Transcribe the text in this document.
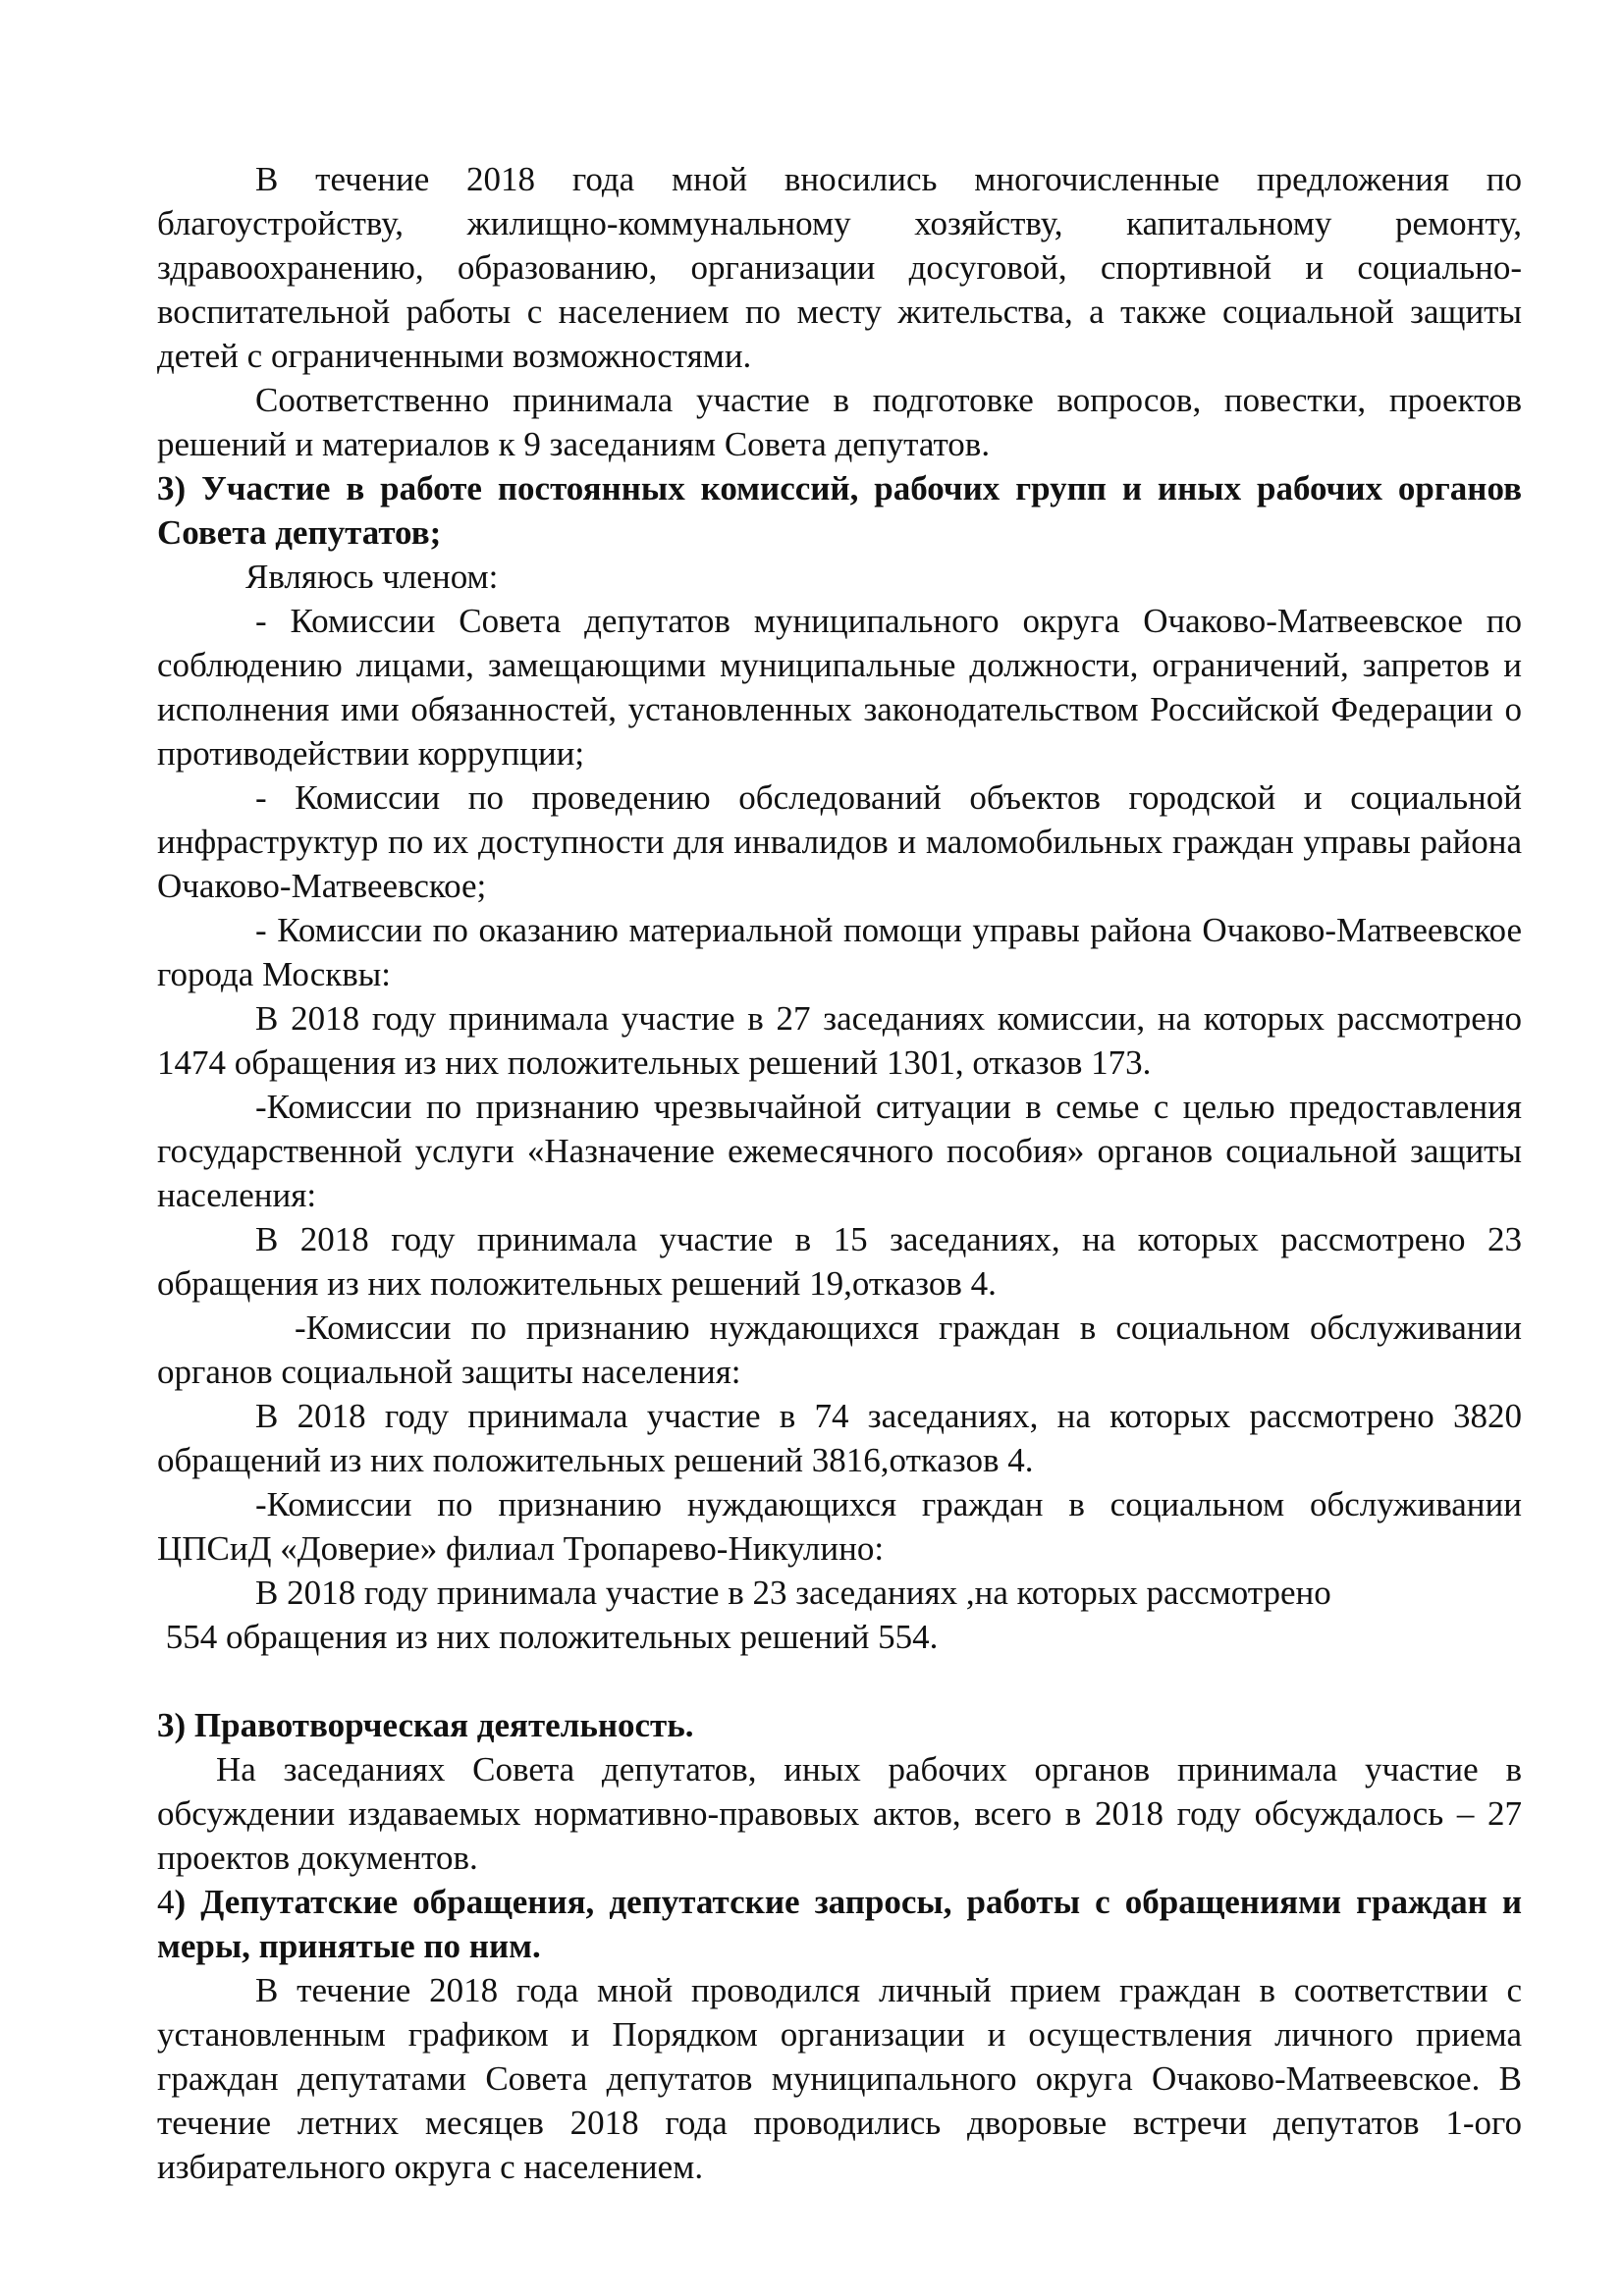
В течение 2018 года мной вносились многочисленные предложения по благоустройству, жилищно-коммунальному хозяйству, капитальному ремонту, здравоохранению, образованию, организации досуговой, спортивной и социально-воспитательной работы с населением по месту жительства, а также социальной защиты детей с ограниченными возможностями.

Соответственно принимала участие в подготовке вопросов, повестки, проектов решений и материалов к 9 заседаниям Совета депутатов.

3) Участие в работе постоянных комиссий, рабочих групп и иных рабочих органов Совета депутатов;

Являюсь членом:

- Комиссии Совета депутатов муниципального округа Очаково-Матвеевское по соблюдению лицами, замещающими муниципальные должности, ограничений, запретов и исполнения ими обязанностей, установленных законодательством Российской Федерации о противодействии коррупции;

- Комиссии по проведению обследований объектов городской и социальной инфраструктур по их доступности для инвалидов и маломобильных граждан управы района Очаково-Матвеевское;

- Комиссии по оказанию материальной помощи управы района Очаково-Матвеевское города Москвы:

В 2018 году принимала участие в 27 заседаниях комиссии, на которых рассмотрено 1474 обращения из них положительных решений 1301, отказов 173.

-Комиссии по признанию чрезвычайной ситуации в семье с целью предоставления государственной услуги «Назначение ежемесячного пособия» органов социальной защиты населения:

В 2018 году принимала участие в 15 заседаниях, на которых рассмотрено 23 обращения из них положительных решений 19,отказов 4.

-Комиссии по признанию нуждающихся граждан в социальном обслуживании органов социальной защиты населения:

В 2018 году принимала участие в 74 заседаниях, на которых рассмотрено 3820 обращений из них положительных решений 3816,отказов 4.

-Комиссии по признанию нуждающихся граждан в социальном обслуживании ЦПСиД «Доверие» филиал Тропарево-Никулино:

В 2018 году принимала участие в 23 заседаниях ,на которых рассмотрено

554 обращения из них положительных решений 554.

3) Правотворческая деятельность.

На заседаниях Совета депутатов, иных рабочих органов принимала участие в обсуждении издаваемых нормативно-правовых актов, всего в 2018 году обсуждалось – 27 проектов документов.

4) Депутатские обращения, депутатские запросы, работы с обращениями граждан и меры, принятые по ним.

В течение 2018 года мной проводился личный прием граждан в соответствии с установленным графиком и Порядком организации и осуществления личного приема граждан депутатами Совета депутатов муниципального округа Очаково-Матвеевское. В течение летних месяцев 2018 года проводились дворовые встречи депутатов 1-ого избирательного округа с населением.
